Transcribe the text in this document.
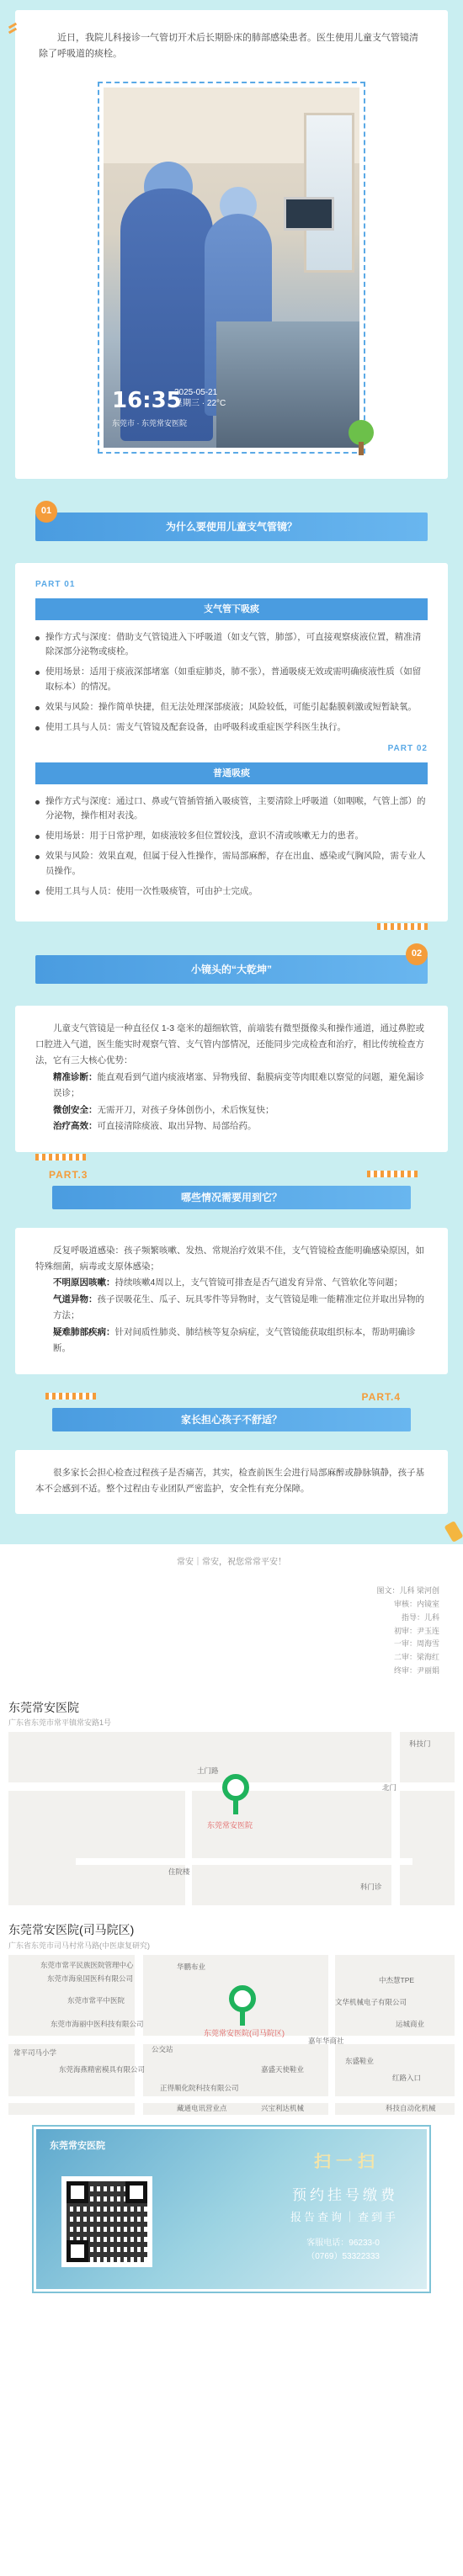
近日，我院儿科接诊一气管切开术后长期卧床的肺部感染患者。医生使用儿童支气管镜清除了呼吸道的痰栓。

16:35
2025-05-21
星期三 · 22°C
东莞市 · 东莞常安医院
01
为什么要使用儿童支气管镜？
PART 01
支气管下吸痰
操作方式与深度：借助支气管镜进入下呼吸道（如支气管，肺部），可直接观察痰液位置，精准清除深部分泌物或痰栓。
使用场景：适用于痰液深部堵塞（如重症肺炎，肺不张），普通吸痰无效或需明确痰液性质（如留取标本）的情况。
效果与风险：操作简单快捷，但无法处理深部痰液；风险较低，可能引起黏膜刺激或短暂缺氧。
使用工具与人员：需支气管镜及配套设备，由呼吸科或重症医学科医生执行。
PART 02
普通吸痰
操作方式与深度：通过口、鼻或气管插管插入吸痰管，主要清除上呼吸道（如咽喉，气管上部）的分泌物，操作相对表浅。
使用场景：用于日常护理，如痰液较多但位置较浅，意识不清或咳嗽无力的患者。
效果与风险：效果直观，但属于侵入性操作，需局部麻醉，存在出血、感染或气胸风险，需专业人员操作。
使用工具与人员：使用一次性吸痰管，可由护士完成。
02
小镜头的“大乾坤”

儿童支气管镜是一种直径仅 1-3 毫米的超细软管，前端装有微型摄像头和操作通道，通过鼻腔或口腔进入气道，医生能实时观察气管、支气管内部情况，还能同步完成检查和治疗，相比传统检查方法，它有三大核心优势：

精准诊断：能直观看到气道内痰液堵塞、异物残留、黏膜病变等肉眼难以察觉的问题，避免漏诊误诊；

微创安全：无需开刀，对孩子身体创伤小，术后恢复快；

治疗高效：可直接清除痰液、取出异物、局部给药。

PART.3
哪些情况需要用到它？

反复呼吸道感染：孩子频繁咳嗽、发热、常规治疗效果不佳，支气管镜检查能明确感染原因，如特殊细菌，病毒或支原体感染；

不明原因咳嗽：持续咳嗽4周以上，支气管镜可排查是否气道发育异常、气管软化等问题；

气道异物：孩子误吸花生、瓜子、玩具零件等异物时，支气管镜是唯一能精准定位并取出异物的方法；

疑难肺部疾病：针对间质性肺炎、肺结核等复杂病症，支气管镜能获取组织标本，帮助明确诊断。

PART.4
家长担心孩子不舒适？

很多家长会担心检查过程孩子是否痛苦，其实，检查前医生会进行局部麻醉或静脉镇静，孩子基本不会感到不适。整个过程由专业团队严密监护，安全性有充分保障。

常安｜常安，祝您常常平安！
图文：儿科 梁河创
审核：内镜室
指导：儿科
初审：尹玉连
一审：周海雪
二审：梁海红
终审：尹丽娟
东莞常安医院
广东省东莞市常平镇常安路1号
土门路
北门
住院楼
科技门
科门诊
东莞常安医院
东莞常安医院(司马院区)
广东省东莞市司马村常马路(中医康复研究)
东莞市常平民族医院管理中心
东莞市海泉国医科有限公司
华鹏布业
中杰慧TPE
东莞市常平中医院
东莞市海丽中医科技有限公司
常平司马小学	公交站
文华机械电子有限公司
运城商业
东莞海燕精密模具有限公司
嘉年华商社
东盛鞋业
红路入口
嘉盛天使鞋业
正得顺化院科技有限公司
科技自动化机械
藏通电讯营业点	兴宝利达机械
东莞常安医院(司马院区)
东莞常安医院
扫一扫
预约挂号缴费
报告查询｜查到手
客服电话：96233-0
（0769）53322333
